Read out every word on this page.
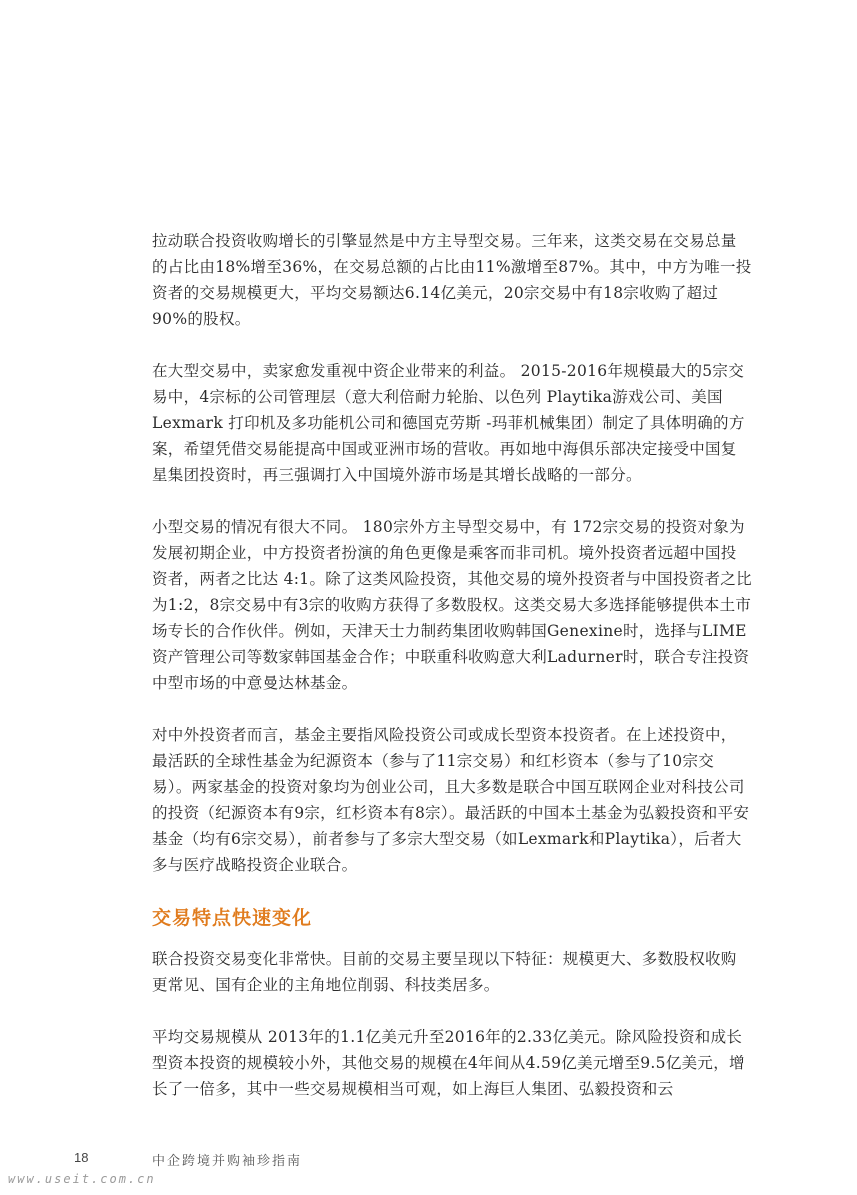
拉动联合投资收购增长的引擎显然是中方主导型交易。三年来，这类交易在交易总量的占比由18%增至36%，在交易总额的占比由11%激增至87%。其中，中方为唯一投资者的交易规模更大，平均交易额达6.14亿美元，20宗交易中有18宗收购了超过90%的股权。

在大型交易中，卖家愈发重视中资企业带来的利益。 2015-2016年规模最大的5宗交易中，4宗标的公司管理层（意大利倍耐力轮胎、以色列 Playtika游戏公司、美国Lexmark 打印机及多功能机公司和德国克劳斯 -玛菲机械集团）制定了具体明确的方案，希望凭借交易能提高中国或亚洲市场的营收。再如地中海俱乐部决定接受中国复星集团投资时，再三强调打入中国境外游市场是其增长战略的一部分。

小型交易的情况有很大不同。 180宗外方主导型交易中，有 172宗交易的投资对象为发展初期企业，中方投资者扮演的角色更像是乘客而非司机。境外投资者远超中国投资者，两者之比达 4:1。除了这类风险投资，其他交易的境外投资者与中国投资者之比为1:2，8宗交易中有3宗的收购方获得了多数股权。这类交易大多选择能够提供本土市场专长的合作伙伴。例如，天津天士力制药集团收购韩国Genexine时，选择与LIME资产管理公司等数家韩国基金合作；中联重科收购意大利Ladurner时，联合专注投资中型市场的中意曼达林基金。

对中外投资者而言，基金主要指风险投资公司或成长型资本投资者。在上述投资中，最活跃的全球性基金为纪源资本（参与了11宗交易）和红杉资本（参与了10宗交易）。两家基金的投资对象均为创业公司，且大多数是联合中国互联网企业对科技公司的投资（纪源资本有9宗，红杉资本有8宗）。最活跃的中国本土基金为弘毅投资和平安基金（均有6宗交易），前者参与了多宗大型交易（如Lexmark和Playtika），后者大多与医疗战略投资企业联合。

交易特点快速变化

联合投资交易变化非常快。目前的交易主要呈现以下特征：规模更大、多数股权收购更常见、国有企业的主角地位削弱、科技类居多。

平均交易规模从 2013年的1.1亿美元升至2016年的2.33亿美元。除风险投资和成长型资本投资的规模较小外，其他交易的规模在4年间从4.59亿美元增至9.5亿美元，增长了一倍多，其中一些交易规模相当可观，如上海巨人集团、弘毅投资和云

18	中企跨境并购袖珍指南
www.useit.com.cn
